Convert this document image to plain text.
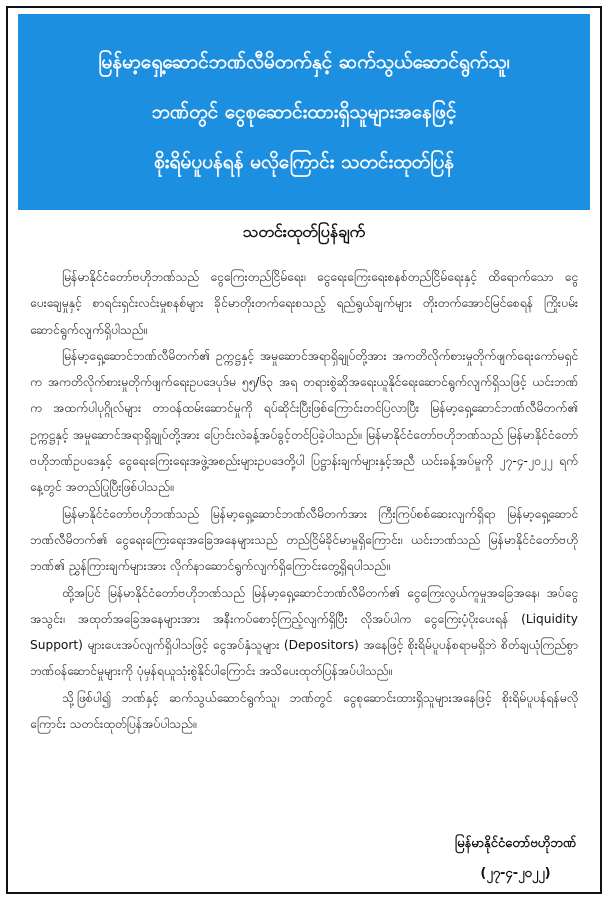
မြန်မာ့ရှေ့ဆောင်ဘဏ်လီမိတက်နှင့် ဆက်သွယ်ဆောင်ရွက်သူ၊
ဘဏ်တွင် ငွေစုဆောင်းထားရှိသူများအနေဖြင့်
စိုးရိမ်ပူပန်ရန် မလိုကြောင်း သတင်းထုတ်ပြန်
သတင်းထုတ်ပြန်ချက်

မြန်မာနိုင်ငံတော်ဗဟိုဘဏ်သည် ငွေကြေးတည်ငြိမ်ရေး၊ ငွေရေးကြေးရေးစနစ်တည်ငြိမ်ရေးနှင့် ထိရောက်သော ငွေပေးချေမှုနှင့် စာရင်းရှင်းလင်းမှုစနစ်များ ခိုင်မာတိုးတက်ရေးစသည့် ရည်ရွယ်ချက်များ တိုးတက်အောင်မြင်စေရန် ကြိုးပမ်းဆောင်ရွက်လျက်ရှိပါသည်။

မြန်မာ့ရှေ့ဆောင်ဘဏ်လီမိတက်၏ ဥက္ကဋ္ဌနှင့် အမှုဆောင်အရာရှိချုပ်တို့အား အကတိလိုက်စားမှုတိုက်ဖျက်ရေးကော်မရှင်က အကတိလိုက်စားမှုတိုက်ဖျက်ရေးဥပဒေပုဒ်မ ၅၅/၆၃ အရ တရားစွဲဆိုအရေးယူနိုင်ရေးဆောင်ရွက်လျက်ရှိသဖြင့် ယင်းဘဏ်က အထက်ပါပုဂ္ဂိုလ်များ တာဝန်ထမ်းဆောင်မှုကို ရပ်ဆိုင်းပြီးဖြစ်ကြောင်းတင်ပြလာပြီး မြန်မာ့ရှေ့ဆောင်ဘဏ်လီမိတက်၏ ဥက္ကဋ္ဌနှင့် အမှုဆောင်အရာရှိချုပ်တို့အား ပြောင်းလဲခန့်အပ်ခွင့်တင်ပြခဲ့ပါသည်။ မြန်မာနိုင်ငံတော်ဗဟိုဘဏ်သည် မြန်မာနိုင်ငံတော်ဗဟိုဘဏ်ဥပဒေနှင့် ငွေရေးကြေးရေးအဖွဲ့အစည်းများဥပဒေတို့ပါ ပြဋ္ဌာန်းချက်များနှင့်အညီ ယင်းခန့်အပ်မှုကို ၂၇-၄-၂၀၂၂ ရက်နေ့တွင် အတည်ပြုပြီးဖြစ်ပါသည်။

မြန်မာနိုင်ငံတော်ဗဟိုဘဏ်သည် မြန်မာ့ရှေ့ဆောင်ဘဏ်လီမိတက်အား ကြီးကြပ်စစ်ဆေးလျက်ရှိရာ မြန်မာ့ရှေ့ဆောင်ဘဏ်လီမိတက်၏ ငွေရေးကြေးရေးအခြေအနေများသည် တည်ငြိမ်ခိုင်မာမှုရှိကြောင်း၊ ယင်းဘဏ်သည် မြန်မာနိုင်ငံတော်ဗဟိုဘဏ်၏ ညွှန်ကြားချက်များအား လိုက်နာဆောင်ရွက်လျက်ရှိကြောင်းတွေ့ရှိရပါသည်။

ထို့အပြင် မြန်မာနိုင်ငံတော်ဗဟိုဘဏ်သည် မြန်မာ့ရှေ့ဆောင်ဘဏ်လီမိတက်၏ ငွေကြေးလွယ်ကူမှုအခြေအနေ၊ အပ်ငွေအသွင်း၊ အထုတ်အခြေအနေများအား အနီးကပ်စောင့်ကြည့်လျက်ရှိပြီး လိုအပ်ပါက ငွေကြေးပံ့ပိုးပေးရန် (Liquidity Support) များပေးအပ်လျက်ရှိပါသဖြင့် ငွေအပ်နှံသူများ (Depositors) အနေဖြင့် စိုးရိမ်ပူပန်စရာမရှိဘဲ စိတ်ချယုံကြည်စွာ ဘဏ်ဝန်ဆောင်မှုများကို ပုံမှန်ရယူသုံးစွဲနိုင်ပါကြောင်း အသိပေးထုတ်ပြန်အပ်ပါသည်။

သို့ဖြစ်ပါ၍ ဘဏ်နှင့် ဆက်သွယ်ဆောင်ရွက်သူ၊ ဘဏ်တွင် ငွေစုဆောင်းထားရှိသူများအနေဖြင့် စိုးရိမ်ပူပန်ရန်မလိုကြောင်း သတင်းထုတ်ပြန်အပ်ပါသည်။

မြန်မာနိုင်ငံတော်ဗဟိုဘဏ်
(၂၇-၄-၂၀၂၂)
